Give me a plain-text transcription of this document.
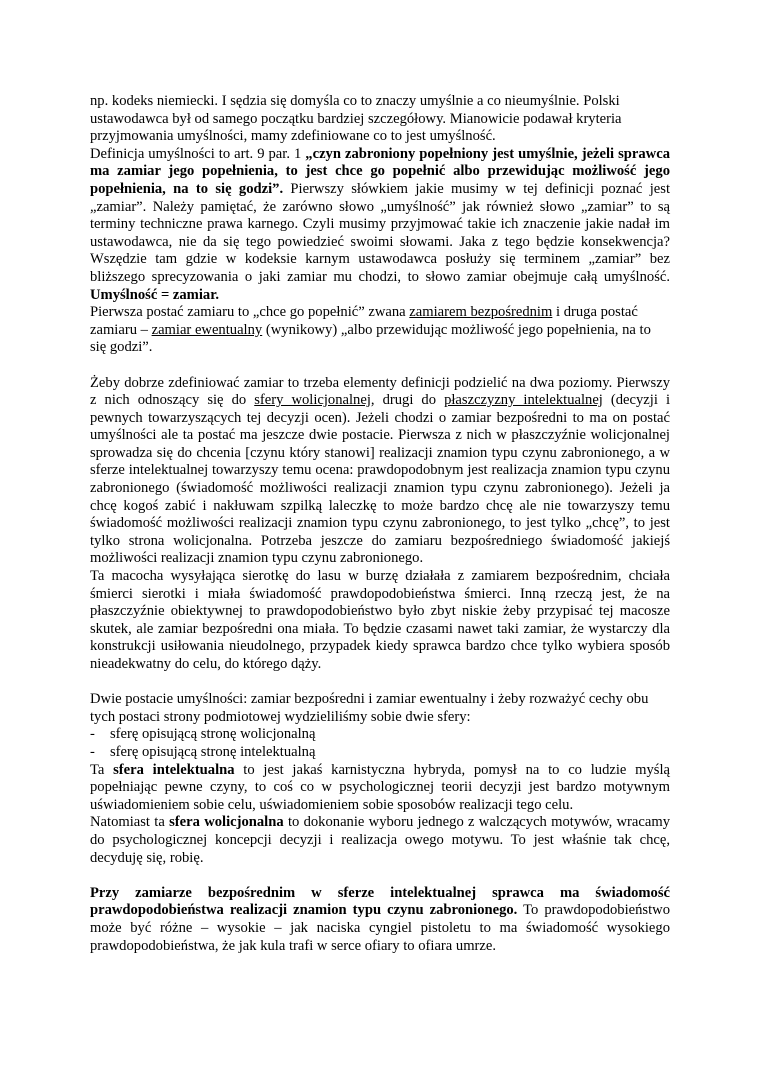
np. kodeks niemiecki. I sędzia się domyśla co to znaczy umyślnie a co nieumyślnie. Polski ustawodawca był od samego początku bardziej szczegółowy. Mianowicie podawał kryteria przyjmowania umyślności, mamy zdefiniowane co to jest umyślność.

Definicja umyślności to art. 9 par. 1 „czyn zabroniony popełniony jest umyślnie, jeżeli sprawca ma zamiar jego popełnienia, to jest chce go popełnić albo przewidując możliwość jego popełnienia, na to się godzi”. Pierwszy słówkiem jakie musimy w tej definicji poznać jest „zamiar”. Należy pamiętać, że zarówno słowo „umyślność” jak również słowo „zamiar” to są terminy techniczne prawa karnego. Czyli musimy przyjmować takie ich znaczenie jakie nadał im ustawodawca, nie da się tego powiedzieć swoimi słowami. Jaka z tego będzie konsekwencja? Wszędzie tam gdzie w kodeksie karnym ustawodawca posłuży się terminem „zamiar” bez bliższego sprecyzowania o jaki zamiar mu chodzi, to słowo zamiar obejmuje całą umyślność. Umyślność = zamiar.

Pierwsza postać zamiaru to „chce go popełnić” zwana zamiarem bezpośrednim i druga postać zamiaru – zamiar ewentualny (wynikowy) „albo przewidując możliwość jego popełnienia, na to się godzi”.

Żeby dobrze zdefiniować zamiar to trzeba elementy definicji podzielić na dwa poziomy. Pierwszy z nich odnoszący się do sfery wolicjonalnej, drugi do płaszczyzny intelektualnej (decyzji i pewnych towarzyszących tej decyzji ocen). Jeżeli chodzi o zamiar bezpośredni to ma on postać umyślności ale ta postać ma jeszcze dwie postacie. Pierwsza z nich w płaszczyźnie wolicjonalnej sprowadza się do chcenia [czynu który stanowi] realizacji znamion typu czynu zabronionego, a w sferze intelektualnej towarzyszy temu ocena: prawdopodobnym jest realizacja znamion typu czynu zabronionego (świadomość możliwości realizacji znamion typu czynu zabronionego). Jeżeli ja chcę kogoś zabić i nakłuwam szpilką laleczkę to może bardzo chcę ale nie towarzyszy temu świadomość możliwości realizacji znamion typu czynu zabronionego, to jest tylko „chcę”, to jest tylko strona wolicjonalna. Potrzeba jeszcze do zamiaru bezpośredniego świadomość jakiejś możliwości realizacji znamion typu czynu zabronionego.

Ta macocha wysyłająca sierotkę do lasu w burzę działała z zamiarem bezpośrednim, chciała śmierci sierotki i miała świadomość prawdopodobieństwa śmierci. Inną rzeczą jest, że na płaszczyźnie obiektywnej to prawdopodobieństwo było zbyt niskie żeby przypisać tej macosze skutek, ale zamiar bezpośredni ona miała. To będzie czasami nawet taki zamiar, że wystarczy dla konstrukcji usiłowania nieudolnego, przypadek kiedy sprawca bardzo chce tylko wybiera sposób nieadekwatny do celu, do którego dąży.

Dwie postacie umyślności: zamiar bezpośredni i zamiar ewentualny i żeby rozważyć cechy obu tych postaci strony podmiotowej wydzieliliśmy sobie dwie sfery:

-	sferę opisującą stronę wolicjonalną
-	sferę opisującą stronę intelektualną

Ta sfera intelektualna to jest jakaś karnistyczna hybryda, pomysł na to co ludzie myślą popełniając pewne czyny, to coś co w psychologicznej teorii decyzji jest bardzo motywnym uświadomieniem sobie celu, uświadomieniem sobie sposobów realizacji tego celu.

Natomiast ta sfera wolicjonalna to dokonanie wyboru jednego z walczących motywów, wracamy do psychologicznej koncepcji decyzji i realizacja owego motywu. To jest właśnie tak chcę, decyduję się, robię.

Przy zamiarze bezpośrednim w sferze intelektualnej sprawca ma świadomość prawdopodobieństwa realizacji znamion typu czynu zabronionego. To prawdopodobieństwo może być różne – wysokie – jak naciska cyngiel pistoletu to ma świadomość wysokiego prawdopodobieństwa, że jak kula trafi w serce ofiary to ofiara umrze.
